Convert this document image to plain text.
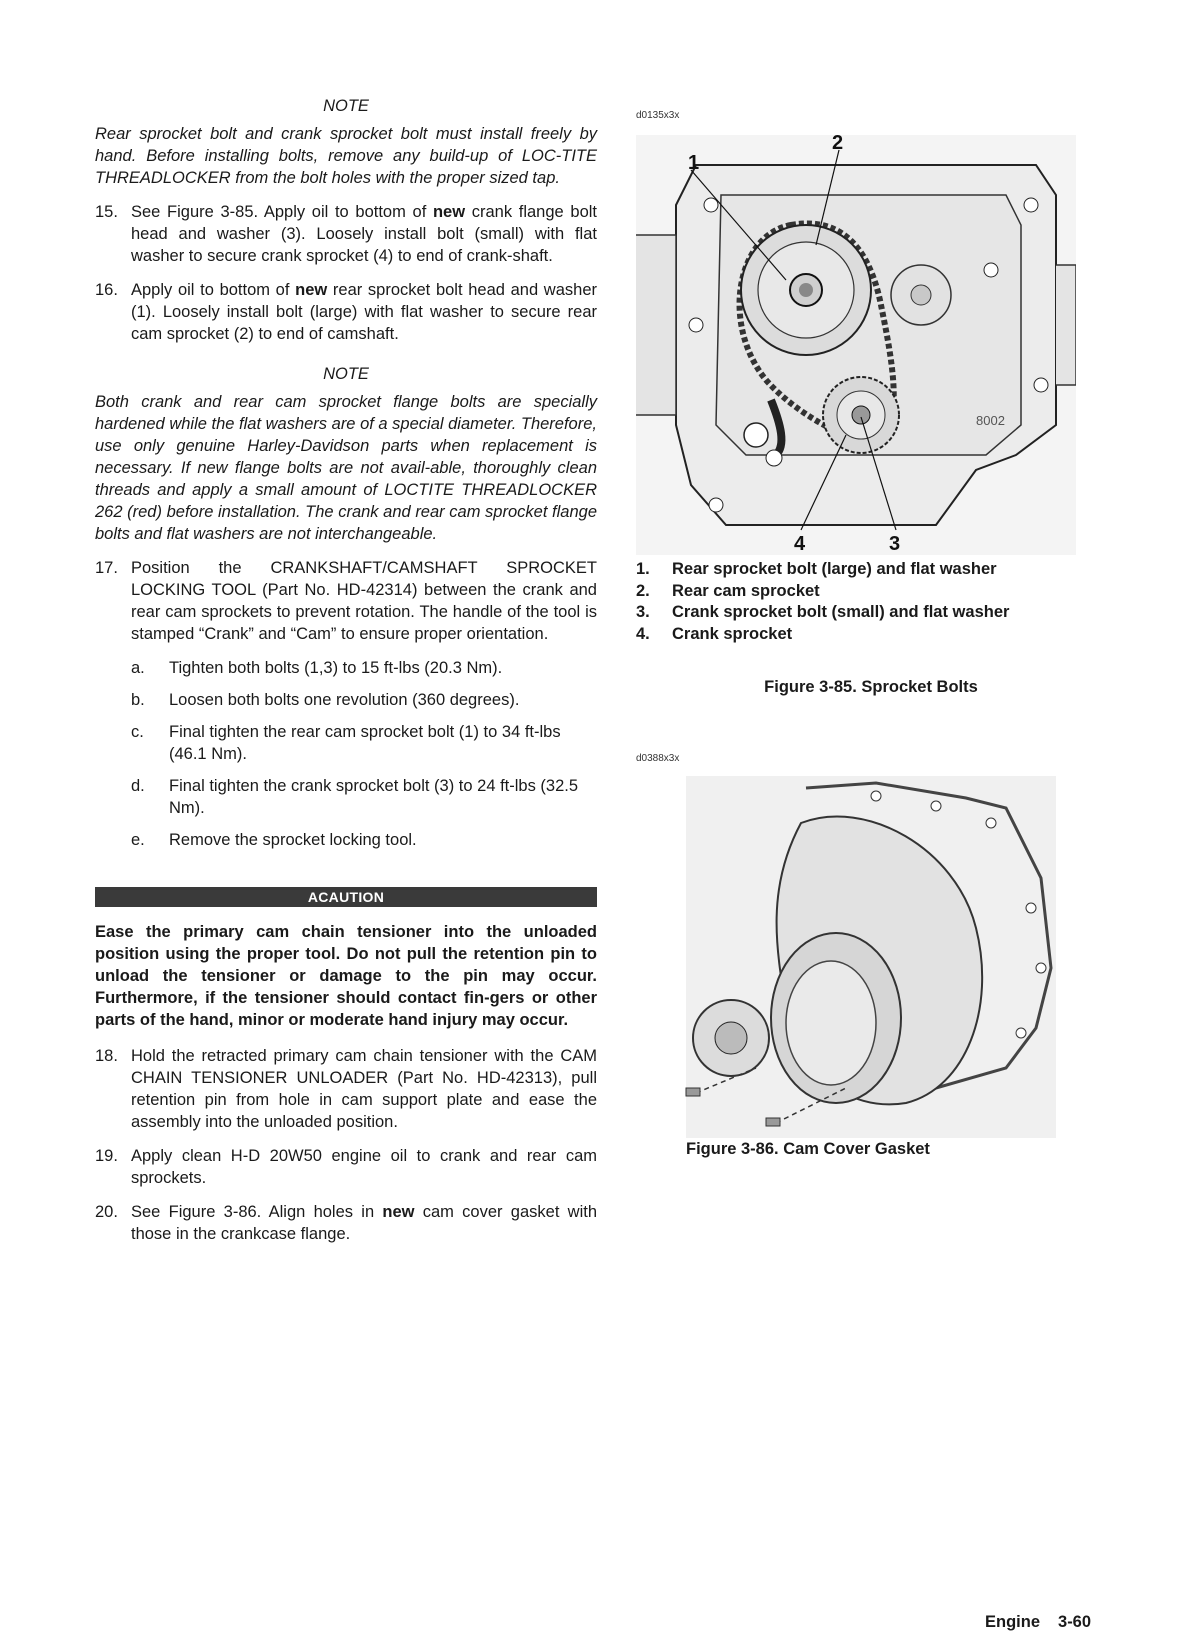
NOTE

Rear sprocket bolt and crank sprocket bolt must install freely by hand. Before installing bolts, remove any build-up of LOC-TITE THREADLOCKER from the bolt holes with the proper sized tap.

15. See Figure 3-85. Apply oil to bottom of new crank flange bolt head and washer (3). Loosely install bolt (small) with flat washer to secure crank sprocket (4) to end of crank-shaft.
16. Apply oil to bottom of new rear sprocket bolt head and washer (1). Loosely install bolt (large) with flat washer to secure rear cam sprocket (2) to end of camshaft.

NOTE

Both crank and rear cam sprocket flange bolts are specially hardened while the flat washers are of a special diameter. Therefore, use only genuine Harley-Davidson parts when replacement is necessary. If new flange bolts are not avail-able, thoroughly clean threads and apply a small amount of LOCTITE THREADLOCKER 262 (red) before installation. The crank and rear cam sprocket flange bolts and flat washers are not interchangeable.

17. Position the CRANKSHAFT/CAMSHAFT SPROCKET LOCKING TOOL (Part No. HD-42314) between the crank and rear cam sprockets to prevent rotation. The handle of the tool is stamped “Crank” and “Cam” to ensure proper orientation.
a.	Tighten both bolts (1,3) to 15 ft-lbs (20.3 Nm).
b.	Loosen both bolts one revolution (360 degrees).
c.	Final tighten the rear cam sprocket bolt (1) to 34 ft-lbs (46.1 Nm).
d.	Final tighten the crank sprocket bolt (3) to 24 ft-lbs (32.5 Nm).
e.	Remove the sprocket locking tool.
ACAUTION

Ease the primary cam chain tensioner into the unloaded position using the proper tool. Do not pull the retention pin to unload the tensioner or damage to the pin may occur. Furthermore, if the tensioner should contact fin-gers or other parts of the hand, minor or moderate hand injury may occur.

18. Hold the retracted primary cam chain tensioner with the CAM CHAIN TENSIONER UNLOADER (Part No. HD-42313), pull retention pin from hole in cam support plate and ease the assembly into the unloaded position.
19. Apply clean H-D 20W50 engine oil to crank and rear cam sprockets.
20. See Figure 3-86. Align holes in new cam cover gasket with those in the crankcase flange.
d0135x3x
1
2
3
4
8002
1.	Rear sprocket bolt (large) and flat washer
2.	Rear cam sprocket
3.	Crank sprocket bolt (small) and flat washer
4.	Crank sprocket
Figure 3-85. Sprocket Bolts
d0388x3x
Figure 3-86. Cam Cover Gasket
Engine 3-60
